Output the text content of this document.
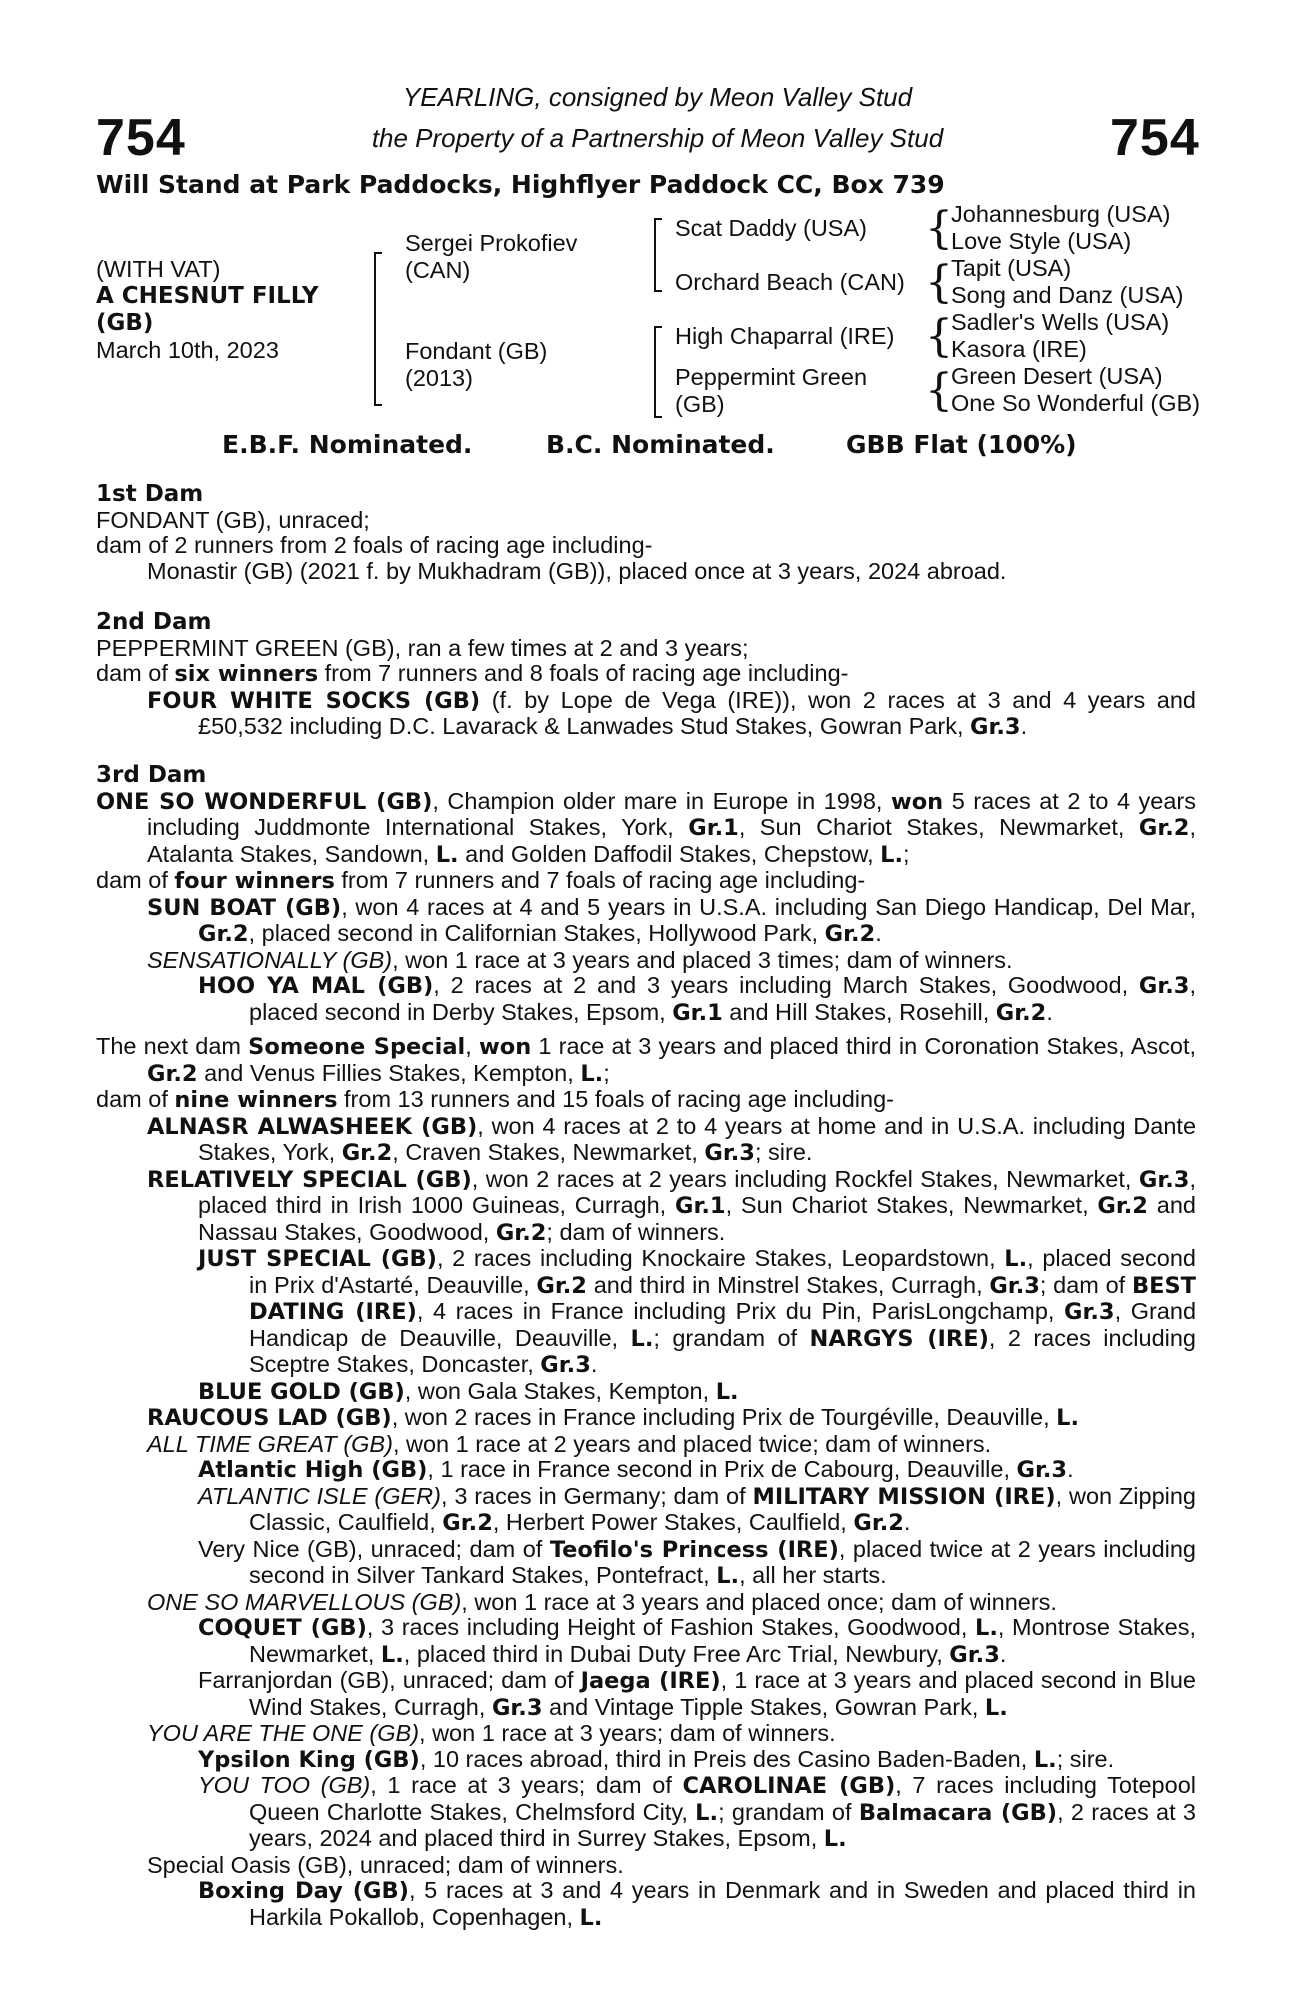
754	754
YEARLING, consigned by Meon Valley Stud
the Property of a Partnership of Meon Valley Stud
Will Stand at Park Paddocks, Highflyer Paddock CC, Box 739
(WITH VAT)
A CHESNUT FILLY
(GB)
March 10th, 2023
Sergei Prokofiev
(CAN)
Fondant (GB)
(2013)
Scat Daddy (USA)
Orchard Beach (CAN)
High Chaparral (IRE)
Peppermint Green
(GB)
{
{
{
{
Johannesburg (USA)
Love Style (USA)
Tapit (USA)
Song and Danz (USA)
Sadler's Wells (USA)
Kasora (IRE)
Green Desert (USA)
One So Wonderful (GB)
E.B.F. Nominated.	B.C. Nominated.	GBB Flat (100%)
1st Dam
FONDANT (GB), unraced;
dam of 2 runners from 2 foals of racing age including-
Monastir (GB) (2021 f. by Mukhadram (GB)), placed once at 3 years, 2024 abroad.
2nd Dam
PEPPERMINT GREEN (GB), ran a few times at 2 and 3 years;
dam of six winners from 7 runners and 8 foals of racing age including-
FOUR WHITE SOCKS (GB) (f. by Lope de Vega (IRE)), won 2 races at 3 and 4 years and £50,532 including D.C. Lavarack & Lanwades Stud Stakes, Gowran Park, Gr.3.
3rd Dam
ONE SO WONDERFUL (GB), Champion older mare in Europe in 1998, won 5 races at 2 to 4 years including Juddmonte International Stakes, York, Gr.1, Sun Chariot Stakes, Newmarket, Gr.2, Atalanta Stakes, Sandown, L. and Golden Daffodil Stakes, Chepstow, L.;
dam of four winners from 7 runners and 7 foals of racing age including-
SUN BOAT (GB), won 4 races at 4 and 5 years in U.S.A. including San Diego Handicap, Del Mar, Gr.2, placed second in Californian Stakes, Hollywood Park, Gr.2.
SENSATIONALLY (GB), won 1 race at 3 years and placed 3 times; dam of winners.
HOO YA MAL (GB), 2 races at 2 and 3 years including March Stakes, Goodwood, Gr.3, placed second in Derby Stakes, Epsom, Gr.1 and Hill Stakes, Rosehill, Gr.2.
The next dam Someone Special, won 1 race at 3 years and placed third in Coronation Stakes, Ascot, Gr.2 and Venus Fillies Stakes, Kempton, L.;
dam of nine winners from 13 runners and 15 foals of racing age including-
ALNASR ALWASHEEK (GB), won 4 races at 2 to 4 years at home and in U.S.A. including Dante Stakes, York, Gr.2, Craven Stakes, Newmarket, Gr.3; sire.
RELATIVELY SPECIAL (GB), won 2 races at 2 years including Rockfel Stakes, Newmarket, Gr.3, placed third in Irish 1000 Guineas, Curragh, Gr.1, Sun Chariot Stakes, Newmarket, Gr.2 and Nassau Stakes, Goodwood, Gr.2; dam of winners.
JUST SPECIAL (GB), 2 races including Knockaire Stakes, Leopardstown, L., placed second in Prix d'Astarté, Deauville, Gr.2 and third in Minstrel Stakes, Curragh, Gr.3; dam of BEST DATING (IRE), 4 races in France including Prix du Pin, ParisLongchamp, Gr.3, Grand Handicap de Deauville, Deauville, L.; grandam of NARGYS (IRE), 2 races including Sceptre Stakes, Doncaster, Gr.3.
BLUE GOLD (GB), won Gala Stakes, Kempton, L.
RAUCOUS LAD (GB), won 2 races in France including Prix de Tourgéville, Deauville, L.
ALL TIME GREAT (GB), won 1 race at 2 years and placed twice; dam of winners.
Atlantic High (GB), 1 race in France second in Prix de Cabourg, Deauville, Gr.3.
ATLANTIC ISLE (GER), 3 races in Germany; dam of MILITARY MISSION (IRE), won Zipping Classic, Caulfield, Gr.2, Herbert Power Stakes, Caulfield, Gr.2.
Very Nice (GB), unraced; dam of Teofilo's Princess (IRE), placed twice at 2 years including second in Silver Tankard Stakes, Pontefract, L., all her starts.
ONE SO MARVELLOUS (GB), won 1 race at 3 years and placed once; dam of winners.
COQUET (GB), 3 races including Height of Fashion Stakes, Goodwood, L., Montrose Stakes, Newmarket, L., placed third in Dubai Duty Free Arc Trial, Newbury, Gr.3.
Farranjordan (GB), unraced; dam of Jaega (IRE), 1 race at 3 years and placed second in Blue Wind Stakes, Curragh, Gr.3 and Vintage Tipple Stakes, Gowran Park, L.
YOU ARE THE ONE (GB), won 1 race at 3 years; dam of winners.
Ypsilon King (GB), 10 races abroad, third in Preis des Casino Baden-Baden, L.; sire.
YOU TOO (GB), 1 race at 3 years; dam of CAROLINAE (GB), 7 races including Totepool Queen Charlotte Stakes, Chelmsford City, L.; grandam of Balmacara (GB), 2 races at 3 years, 2024 and placed third in Surrey Stakes, Epsom, L.
Special Oasis (GB), unraced; dam of winners.
Boxing Day (GB), 5 races at 3 and 4 years in Denmark and in Sweden and placed third in Harkila Pokallob, Copenhagen, L.
